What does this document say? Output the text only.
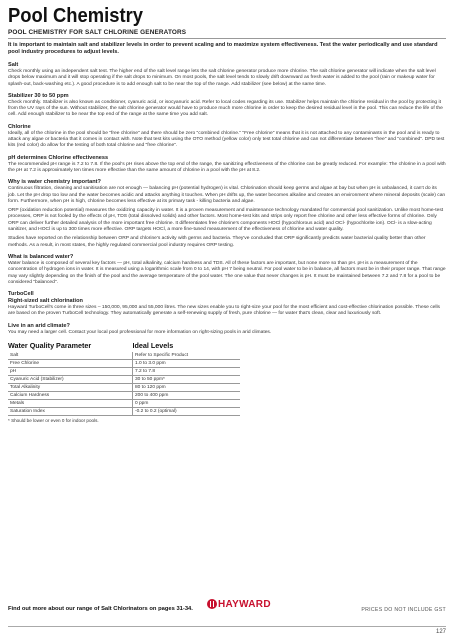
Pool Chemistry
POOL CHEMISTRY FOR SALT CHLORINE GENERATORS
It is important to maintain salt and stabilizer levels in order to prevent scaling and to maximize system effectiveness. Test the water periodically and use standard pool industry procedures to adjust levels.
Salt
Check monthly using an independent salt test. The higher end of the salt level range lets the salt chlorine generator produce more chlorine. The salt chlorine generator will indicate when the salt level drops below maximum and it will stop operating if the salt drops to minimum. On most pools, the salt level tends to slowly drift downward as fresh water is added to the pool (rain or makeup water for splash-out, back-washing etc.). A good procedure is to add enough salt to be near the top of the range. Add stabilizer (see below) at the same time.
Stabilizer 30 to 50 ppm
Check monthly. Stabilizer is also known as conditioner, cyanuric acid, or isocyanuric acid. Refer to local codes regarding its use. Stabilizer helps maintain the chlorine residual in the pool by protecting it from the UV rays of the sun. Without stabilizer, the salt chlorine generator would have to produce much more chlorine in order to keep the desired residual level in the pool. This can reduce the life of the cell. Add enough stabilizer to be near the top end of the range at the same time you add salt.
Chlorine
Ideally, all of the chlorine in the pool should be "free chlorine" and there should be zero "combined chlorine." "Free chlorine" means that it is not attached to any contaminants in the pool and is ready to attack any algae or bacteria that it comes in contact with. Note that test kits using the OTO method (yellow color) only test total chlorine and can not differentiate between "free" and "combined". DPD test kits (red color) do allow for the testing of both total chlorine and "free chlorine".
pH determines Chlorine effectiveness
The recommended pH range is 7.2 to 7.8. If the pool's pH rises above the top end of the range, the sanitizing effectiveness of the chlorine can be greatly reduced. For example: The chlorine in a pool with the pH at 7.2 is approximately ten times more effective than the same amount of chlorine in a pool with the pH at 8.2.
Why is water chemistry important?
Continuous filtration, cleaning and sanitisation are not enough — balancing pH (potential hydrogen) is vital. Chlorination should keep germs and algae at bay but when pH is unbalanced, it can't do its job. Let the pH drop too low and the water becomes acidic and attacks anything it touches. When pH drifts up, the water becomes alkaline and creates an environment where mineral deposits (scale) can form. Furthermore, when pH is high, chlorine becomes less effective at its primary task - killing bacteria and algae.
ORP (oxidation reduction potential) measures the oxidizing capacity in water. It is a proven measurement and maintenance technology mandated for commercial pool sanitization. Unlike most home-test processes, ORP is not fooled by the effects of pH, TDS (total dissolved solids) and other factors. Most home-test kits and strips only report free chlorine and other less effective forms of chlorine. Only ORP can deliver further detailed analysis of the more important free chlorine. It differentiates free chlorine's components HOCl (hypochlorous acid) and OCl- (hypochlorite ion). OCl- is a slow-acting sanitizer, and HOCl is up to 300 times more effective. ORP targets HOCl, a more fine-tuned measurement of the effectiveness of chlorine and water quality.
Studies have reported on the relationship between ORP and chlorine's activity with germs and bacteria. They've concluded that ORP significantly predicts water bacterial quality better than other methods. As a result, in most states, the highly regulated commercial pool industry requires ORP testing.
What is balanced water?
Water balance is composed of several key factors — pH, total alkalinity, calcium hardness and TDS. All of these factors are important, but none more so than pH. pH is a measurement of the concentration of hydrogen ions in water. It is measured using a logarithmic scale from 0 to 14, with pH 7 being neutral. For pool water to be in balance, all factors must be in their proper range. That range may vary slightly depending on the finish of the pool and the average temperature of the pool water. The one value that never changes is pH. It must be maintained between 7.2 and 7.8 for a pool to be considered "balanced".
TurboCell
Right-sized salt chlorination
Hayward TurboCell's come in three sizes – 150,000, 95,000 and 55,000 litres. The new sizes enable you to right-size your pool for the most efficient and cost-effective chlorination possible. These cells are based on the proven TurboCell technology. They automatically generate a self-renewing supply of fresh, pure chlorine — for water that's clean, clear and luxuriously soft.
Live in an arid climate?
You may need a larger cell. Contact your local pool professional for more information on right-sizing pools in arid climates.
Water Quality Parameter	Ideal Levels
Salt	Refer to Specific Product
Free Chlorine	1.0 to 3.0 ppm
pH	7.2 to 7.8
Cyanuric Acid (Stabilizer)	30 to 50 ppm*
Total Alkalinity	80 to 120 ppm
Calcium Hardness	200 to 400 ppm
Metals	0 ppm
Saturation Index	-0.2 to 0.2 (optimal)
* Should be lower or even 0 for indoor pools.
Find out more about our range of Salt Chlorinators on pages 31-34.	HAYWARD
PRICES DO NOT INCLUDE GST
127
